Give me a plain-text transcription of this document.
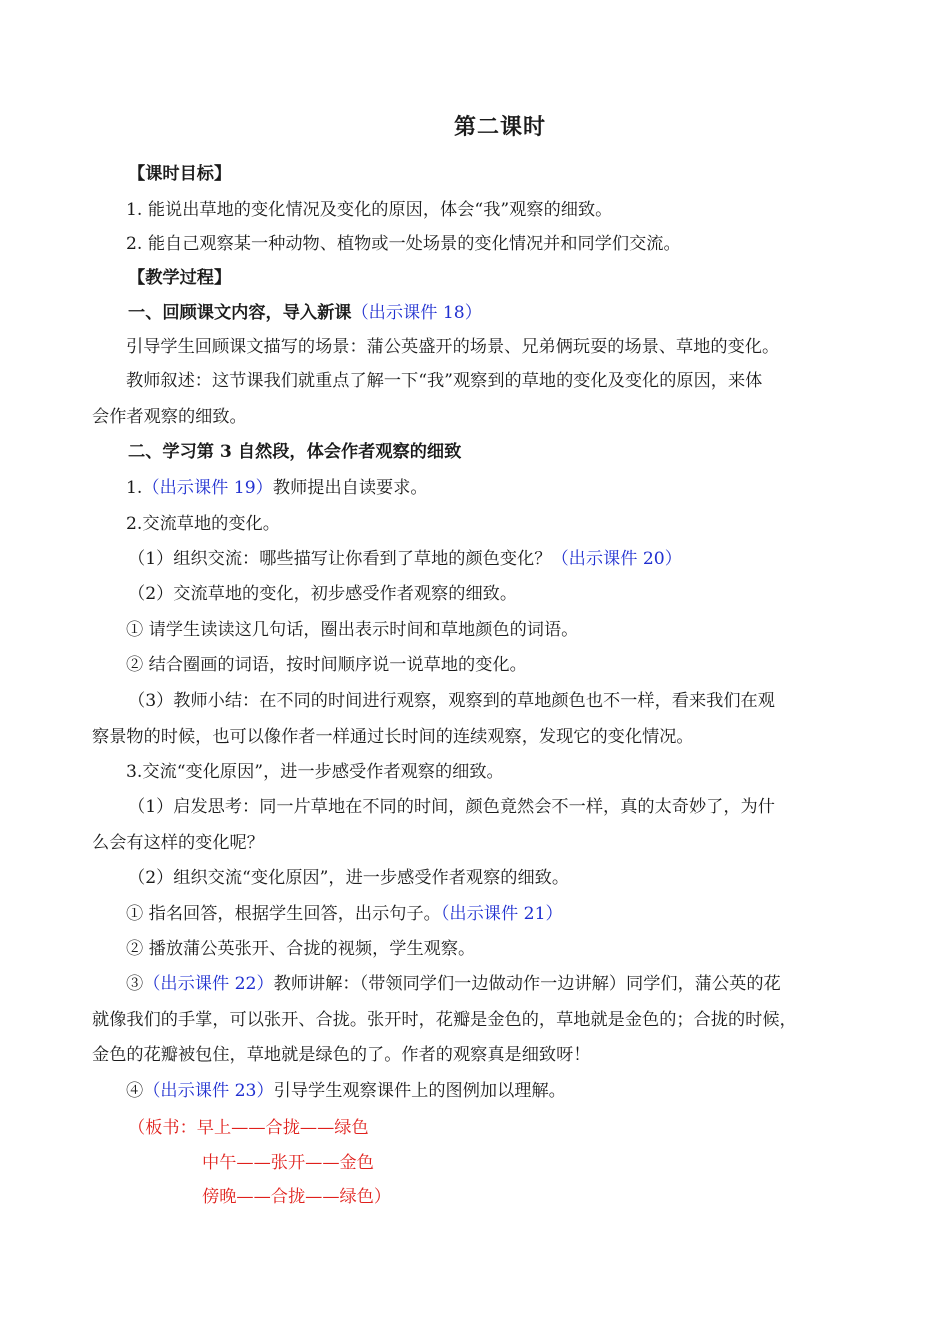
第二课时
【课时目标】
1. 能说出草地的变化情况及变化的原因，体会“我”观察的细致。
2. 能自己观察某一种动物、植物或一处场景的变化情况并和同学们交流。
【教学过程】
一、回顾课文内容，导入新课（出示课件 18）
引导学生回顾课文描写的场景：蒲公英盛开的场景、兄弟俩玩耍的场景、草地的变化。
教师叙述：这节课我们就重点了解一下“我”观察到的草地的变化及变化的原因，来体
会作者观察的细致。
二、学习第 3 自然段，体会作者观察的细致
1.（出示课件 19）教师提出自读要求。
2.交流草地的变化。
（1）组织交流：哪些描写让你看到了草地的颜色变化？（出示课件 20）
（2）交流草地的变化，初步感受作者观察的细致。
① 请学生读读这几句话，圈出表示时间和草地颜色的词语。
② 结合圈画的词语，按时间顺序说一说草地的变化。
（3）教师小结：在不同的时间进行观察，观察到的草地颜色也不一样，看来我们在观
察景物的时候，也可以像作者一样通过长时间的连续观察，发现它的变化情况。
3.交流“变化原因”，进一步感受作者观察的细致。
（1）启发思考：同一片草地在不同的时间，颜色竟然会不一样，真的太奇妙了，为什
么会有这样的变化呢？
（2）组织交流“变化原因”，进一步感受作者观察的细致。
① 指名回答，根据学生回答，出示句子。（出示课件 21）
② 播放蒲公英张开、合拢的视频，学生观察。
③（出示课件 22）教师讲解：（带领同学们一边做动作一边讲解）同学们，蒲公英的花
就像我们的手掌，可以张开、合拢。张开时，花瓣是金色的，草地就是金色的；合拢的时候，
金色的花瓣被包住，草地就是绿色的了。作者的观察真是细致呀！
④（出示课件 23）引导学生观察课件上的图例加以理解。
（板书：早上——合拢——绿色
中午——张开——金色
傍晚——合拢——绿色）
